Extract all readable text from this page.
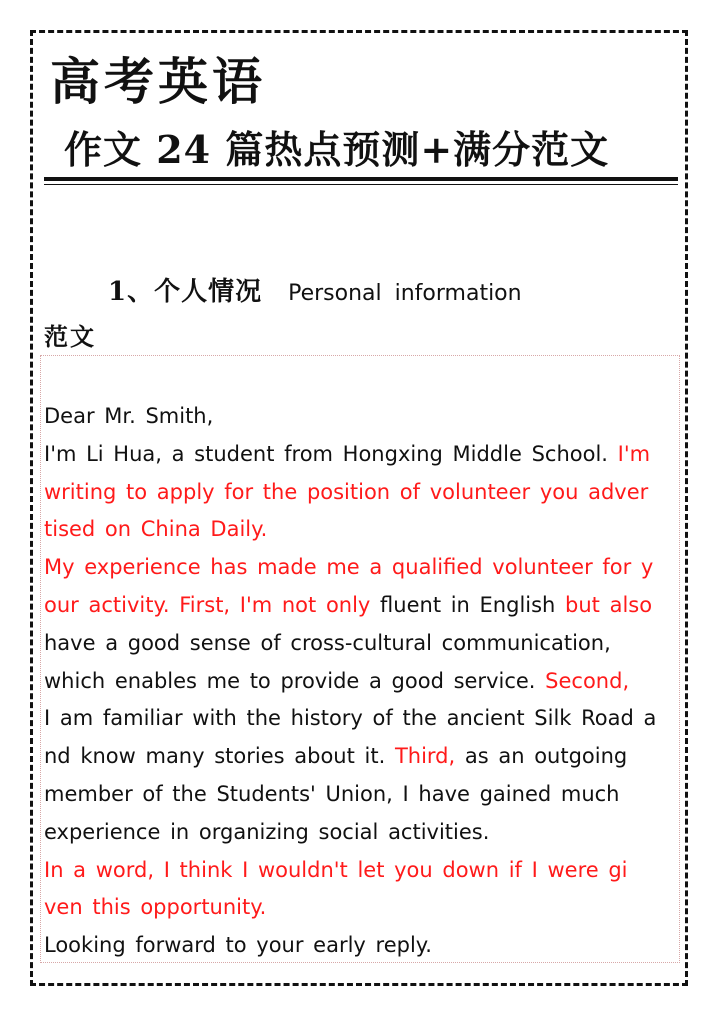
高考英语
作文 24 篇热点预测+满分范文
1、个人情况 Personal information
范文
Dear Mr. Smith,
I'm Li Hua, a student from Hongxing Middle School. I'm
writing to apply for the position of volunteer you adver
tised on China Daily.
My experience has made me a qualified volunteer for y
our activity. First, I'm not only fluent in English but also
have a good sense of cross-cultural communication,
which enables me to provide a good service. Second,
I am familiar with the history of the ancient Silk Road a
nd know many stories about it. Third, as an outgoing
member of the Students' Union, I have gained much
experience in organizing social activities.
In a word, I think I wouldn't let you down if I were gi
ven this opportunity.
Looking forward to your early reply.
